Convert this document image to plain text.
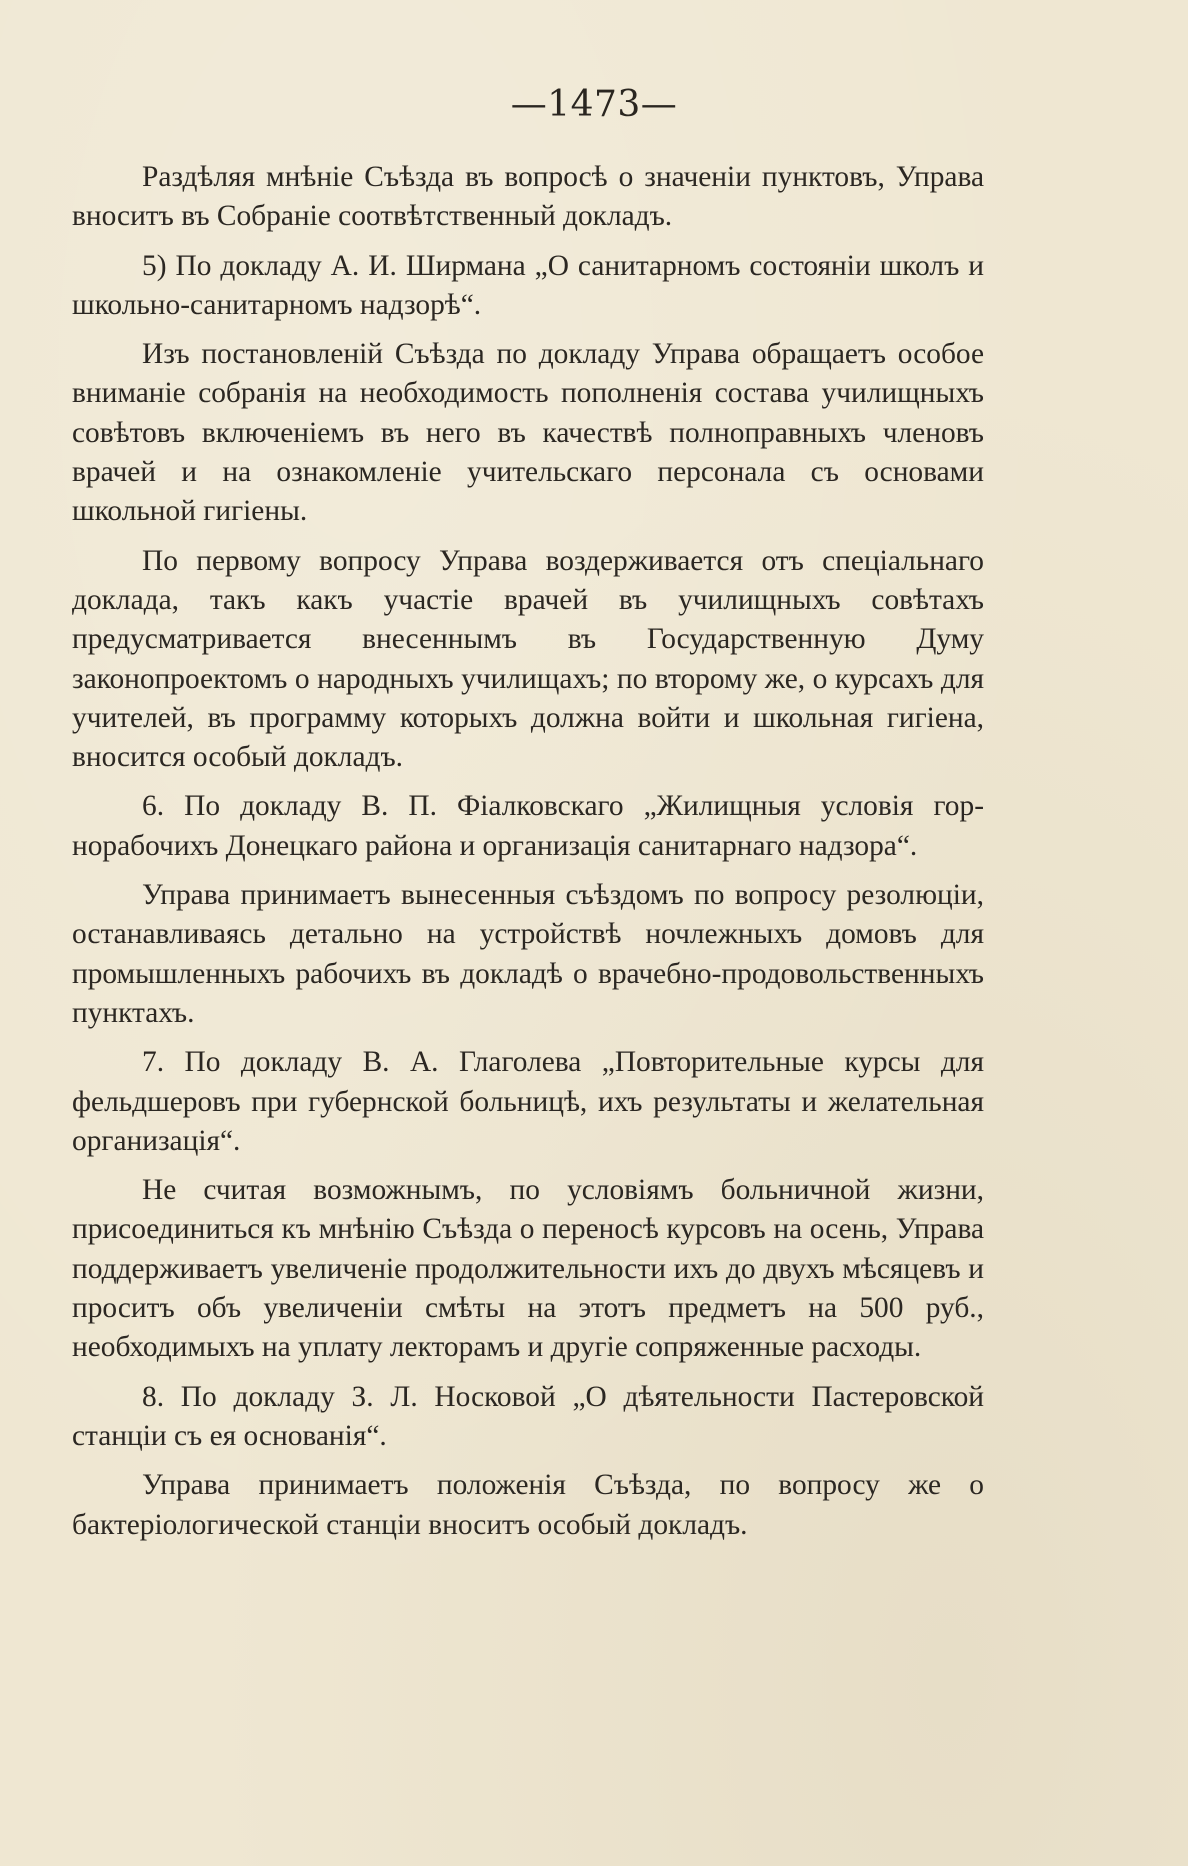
—1473—

Раздѣляя мнѣніе Съѣзда въ вопросѣ о значеніи пунктовъ, Управа вноситъ въ Собраніе соотвѣтственный докладъ.

5) По докладу А. И. Ширмана „О санитарномъ состояніи школъ и школьно-санитарномъ надзорѣ“.

Изъ постановленій Съѣзда по докладу Управа обращаетъ особое вниманіе собранія на необходимость пополненія состава училищныхъ совѣтовъ включеніемъ въ него въ качествѣ полноправныхъ членовъ врачей и на ознакомленіе учительскаго персонала съ основами школьной гигіены.

По первому вопросу Управа воздерживается отъ спеціальнаго доклада, такъ какъ участіе врачей въ училищныхъ совѣтахъ предусматривается внесеннымъ въ Государственную Думу законопроектомъ о народныхъ училищахъ; по второму же, о курсахъ для учителей, въ программу которыхъ должна войти и школьная гигіена, вносится особый докладъ.

6. По докладу В. П. Фіалковскаго „Жилищныя условія горнорабочихъ Донецкаго района и организація санитарнаго надзора“.

Управа принимаетъ вынесенныя съѣздомъ по вопросу резолюціи, останавливаясь детально на устройствѣ ночлежныхъ домовъ для промышленныхъ рабочихъ въ докладѣ о врачебно-продовольственныхъ пунктахъ.

7. По докладу В. А. Глаголева „Повторительные курсы для фельдшеровъ при губернской больницѣ, ихъ результаты и желательная организація“.

Не считая возможнымъ, по условіямъ больничной жизни, присоединиться къ мнѣнію Съѣзда о переносѣ курсовъ на осень, Управа поддерживаетъ увеличеніе продолжительности ихъ до двухъ мѣсяцевъ и проситъ объ увеличеніи смѣты на этотъ предметъ на 500 руб., необходимыхъ на уплату лекторамъ и другіе сопряженные расходы.

8. По докладу З. Л. Носковой „О дѣятельности Пастеровской станціи съ ея основанія“.

Управа принимаетъ положенія Съѣзда, по вопросу же о бактеріологической станціи вноситъ особый докладъ.
